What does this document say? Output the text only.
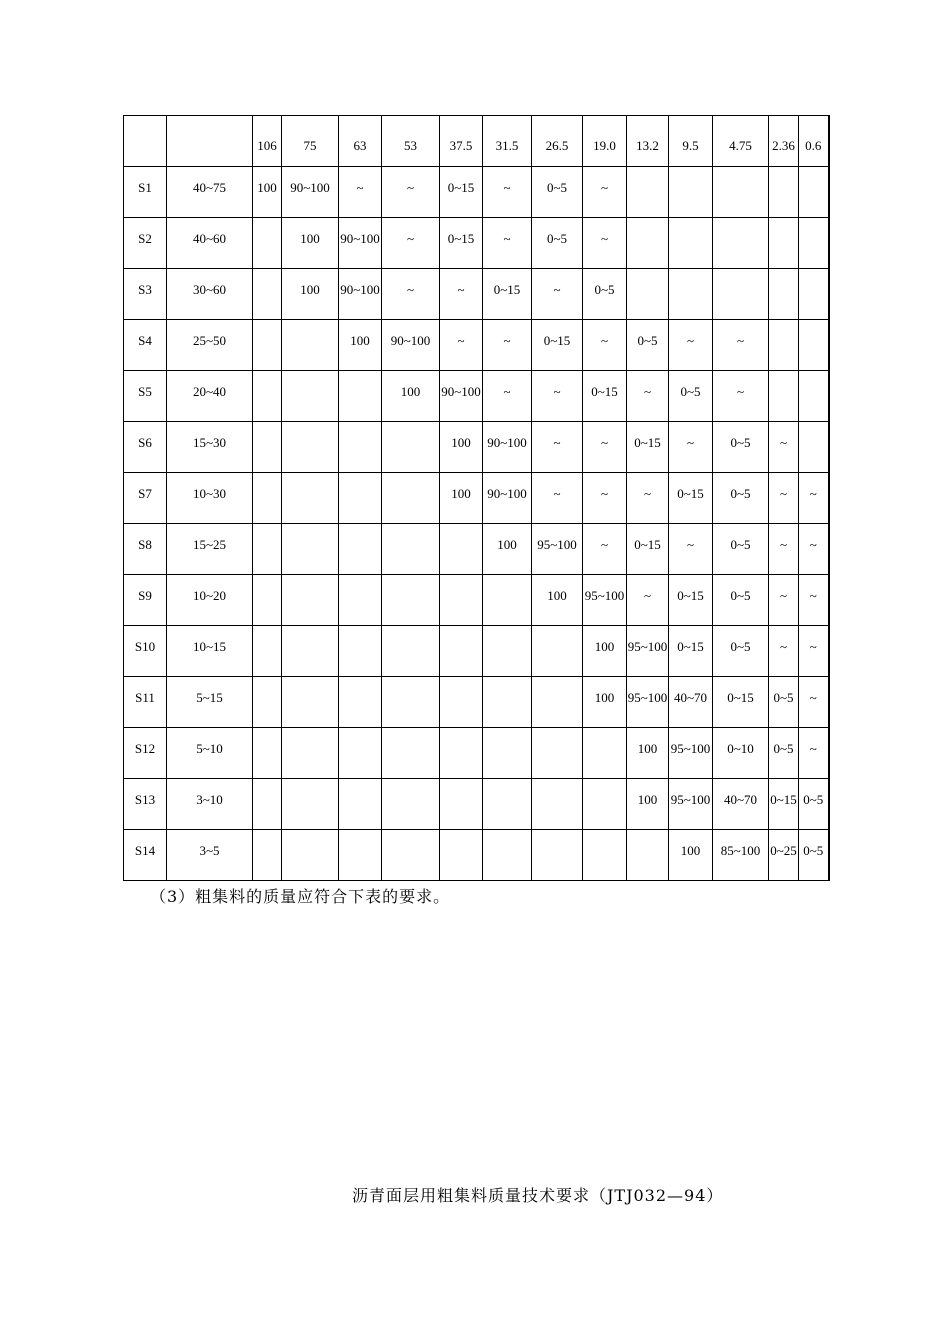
		106	75	63	53	37.5	31.5	26.5	19.0	13.2	9.5	4.75	2.36	0.6

S1	40~75	100	90~100	~	~	0~15	~	0~5	~					

S2	40~60		100	90~100	~	0~15	~	0~5	~					

S3	30~60		100	90~100	~	~	0~15	~	0~5					

S4	25~50			100	90~100	~	~	0~15	~	0~5	~	~		

S5	20~40				100	90~100	~	~	0~15	~	0~5	~		

S6	15~30					100	90~100	~	~	0~15	~	0~5	~	

S7	10~30					100	90~100	~	~	~	0~15	0~5	~	~

S8	15~25						100	95~100	~	0~15	~	0~5	~	~

S9	10~20							100	95~100	~	0~15	0~5	~	~

S10	10~15								100	95~100	0~15	0~5	~	~

S11	5~15								100	95~100	40~70	0~15	0~5	~

S12	5~10									100	95~100	0~10	0~5	~

S13	3~10									100	95~100	40~70	0~15	0~5

S14	3~5										100	85~100	0~25	0~5
（3）粗集料的质量应符合下表的要求。
沥青面层用粗集料质量技术要求（JTJ032—94）
